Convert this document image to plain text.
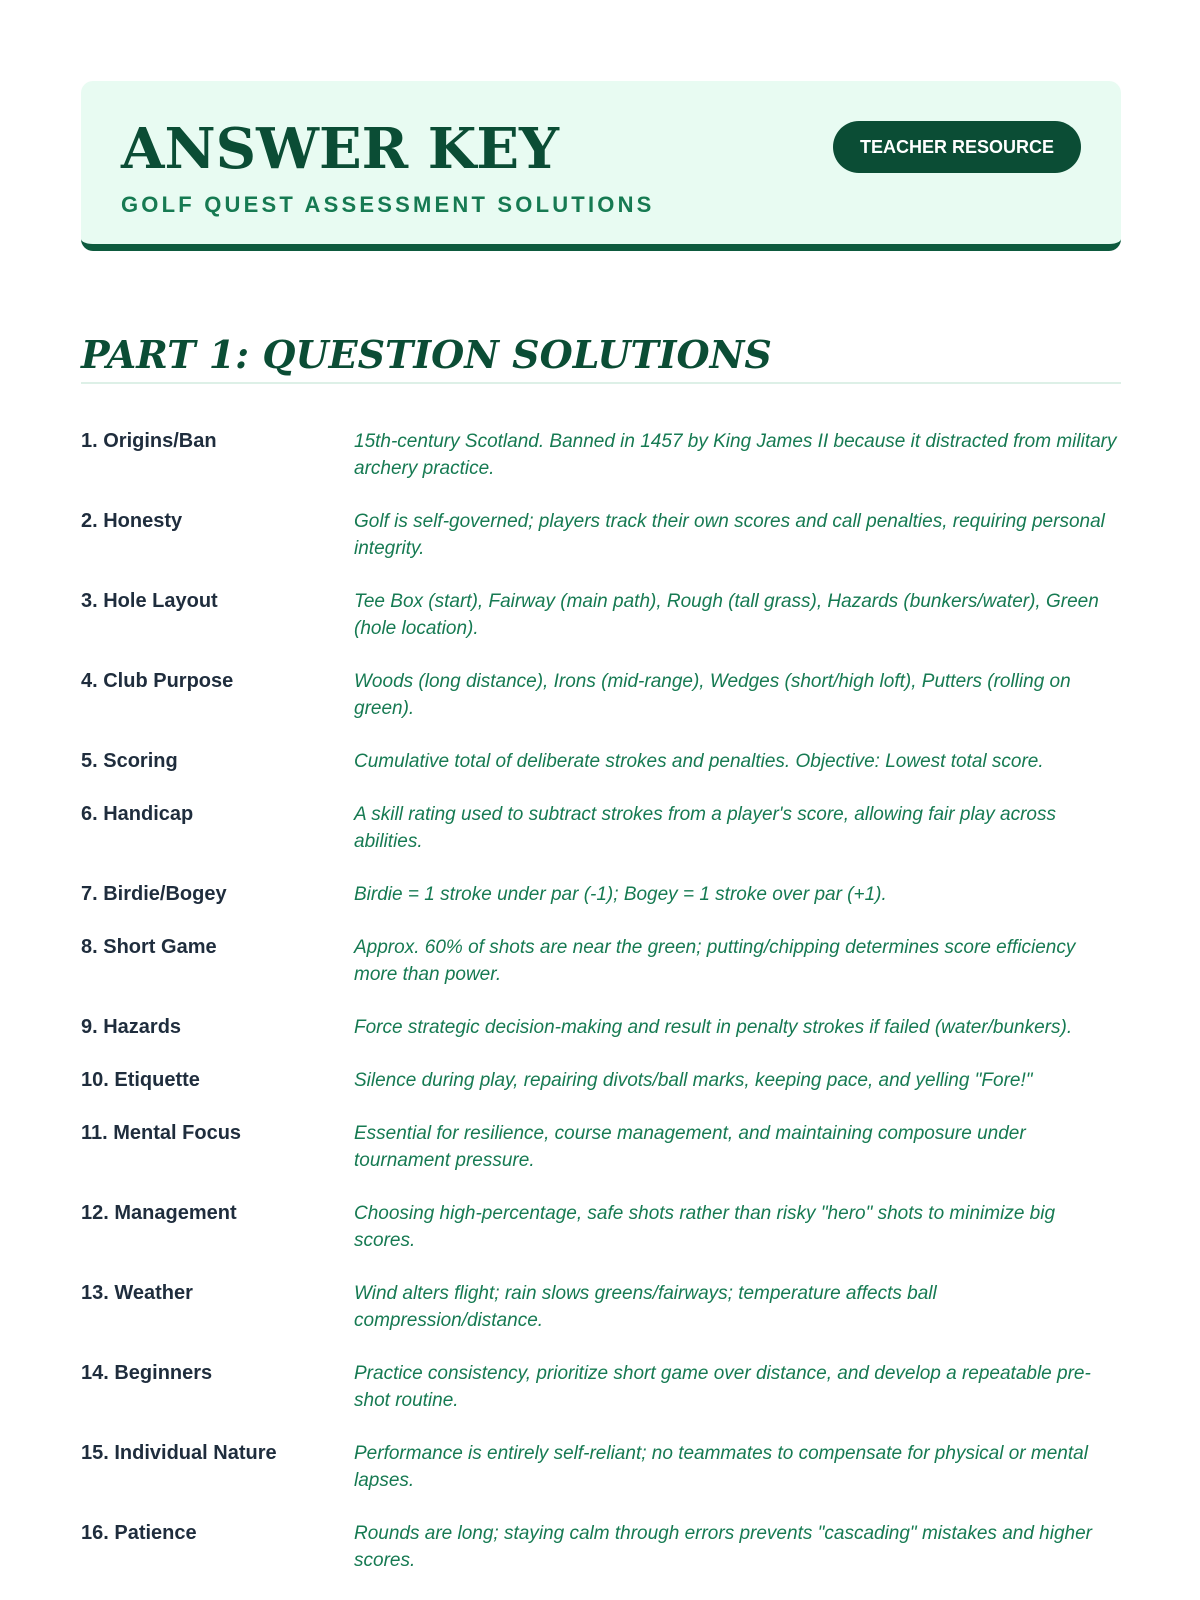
ANSWER KEY
GOLF QUEST ASSESSMENT SOLUTIONS
TEACHER RESOURCE
PART 1: QUESTION SOLUTIONS
1. Origins/Ban	15th-century Scotland. Banned in 1457 by King James II because it distracted from military archery practice.
2. Honesty	Golf is self-governed; players track their own scores and call penalties, requiring personal integrity.
3. Hole Layout	Tee Box (start), Fairway (main path), Rough (tall grass), Hazards (bunkers/water), Green (hole location).
4. Club Purpose	Woods (long distance), Irons (mid-range), Wedges (short/high loft), Putters (rolling on green).
5. Scoring	Cumulative total of deliberate strokes and penalties. Objective: Lowest total score.
6. Handicap	A skill rating used to subtract strokes from a player's score, allowing fair play across abilities.
7. Birdie/Bogey	Birdie = 1 stroke under par (-1); Bogey = 1 stroke over par (+1).
8. Short Game	Approx. 60% of shots are near the green; putting/chipping determines score efficiency more than power.
9. Hazards	Force strategic decision-making and result in penalty strokes if failed (water/bunkers).
10. Etiquette	Silence during play, repairing divots/ball marks, keeping pace, and yelling "Fore!"
11. Mental Focus	Essential for resilience, course management, and maintaining composure under tournament pressure.
12. Management	Choosing high-percentage, safe shots rather than risky "hero" shots to minimize big scores.
13. Weather	Wind alters flight; rain slows greens/fairways; temperature affects ball compression/distance.
14. Beginners	Practice consistency, prioritize short game over distance, and develop a repeatable pre-shot routine.
15. Individual Nature	Performance is entirely self-reliant; no teammates to compensate for physical or mental lapses.
16. Patience	Rounds are long; staying calm through errors prevents "cascading" mistakes and higher scores.
